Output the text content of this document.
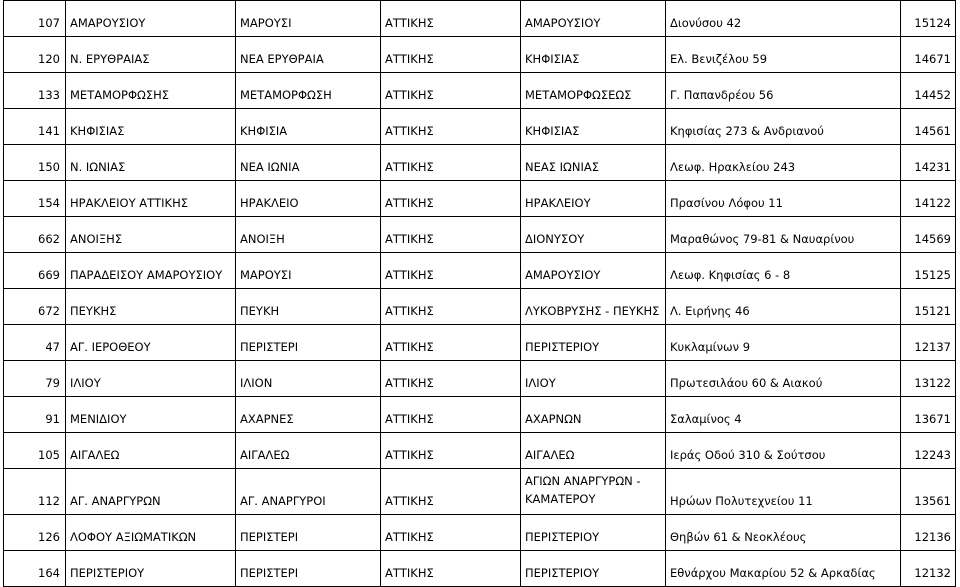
107	ΑΜΑΡΟΥΣΙΟΥ	ΜΑΡΟΥΣΙ	ΑΤΤΙΚΗΣ	ΑΜΑΡΟΥΣΙΟΥ	Διονύσου 42	15124
120	Ν. ΕΡΥΘΡΑΙΑΣ	ΝΕΑ ΕΡΥΘΡΑΙΑ	ΑΤΤΙΚΗΣ	ΚΗΦΙΣΙΑΣ	Ελ. Βενιζέλου 59	14671
133	ΜΕΤΑΜΟΡΦΩΣΗΣ	ΜΕΤΑΜΟΡΦΩΣΗ	ΑΤΤΙΚΗΣ	ΜΕΤΑΜΟΡΦΩΣΕΩΣ	Γ. Παπανδρέου 56	14452
141	ΚΗΦΙΣΙΑΣ	ΚΗΦΙΣΙΑ	ΑΤΤΙΚΗΣ	ΚΗΦΙΣΙΑΣ	Κηφισίας 273 & Ανδριανού	14561
150	Ν. ΙΩΝΙΑΣ	ΝΕΑ ΙΩΝΙΑ	ΑΤΤΙΚΗΣ	ΝΕΑΣ ΙΩΝΙΑΣ	Λεωφ. Ηρακλείου 243	14231
154	ΗΡΑΚΛΕΙΟΥ ΑΤΤΙΚΗΣ	ΗΡΑΚΛΕΙΟ	ΑΤΤΙΚΗΣ	ΗΡΑΚΛΕΙΟΥ	Πρασίνου Λόφου 11	14122
662	ΑΝΟΙΞΗΣ	ΑΝΟΙΞΗ	ΑΤΤΙΚΗΣ	ΔΙΟΝΥΣΟΥ	Μαραθώνος 79-81 & Ναυαρίνου	14569
669	ΠΑΡΑΔΕΙΣΟΥ ΑΜΑΡΟΥΣΙΟΥ	ΜΑΡΟΥΣΙ	ΑΤΤΙΚΗΣ	ΑΜΑΡΟΥΣΙΟΥ	Λεωφ. Κηφισίας 6 - 8	15125
672	ΠΕΥΚΗΣ	ΠΕΥΚΗ	ΑΤΤΙΚΗΣ	ΛΥΚΟΒΡΥΣΗΣ - ΠΕΥΚΗΣ	Λ. Ειρήνης 46	15121
47	ΑΓ. ΙΕΡΟΘΕΟΥ	ΠΕΡΙΣΤΕΡΙ	ΑΤΤΙΚΗΣ	ΠΕΡΙΣΤΕΡΙΟΥ	Κυκλαμίνων 9	12137
79	ΙΛΙΟΥ	ΙΛΙΟΝ	ΑΤΤΙΚΗΣ	ΙΛΙΟΥ	Πρωτεσιλάου 60 & Αιακού	13122
91	ΜΕΝΙΔΙΟΥ	ΑΧΑΡΝΕΣ	ΑΤΤΙΚΗΣ	ΑΧΑΡΝΩΝ	Σαλαμίνος 4	13671
105	ΑΙΓΑΛΕΩ	ΑΙΓΑΛΕΩ	ΑΤΤΙΚΗΣ	ΑΙΓΑΛΕΩ	Ιεράς Οδού 310 & Σούτσου	12243
112	ΑΓ. ΑΝΑΡΓΥΡΩΝ	ΑΓ. ΑΝΑΡΓΥΡΟΙ	ΑΤΤΙΚΗΣ	ΑΓΙΩΝ ΑΝΑΡΓΥΡΩΝ - ΚΑΜΑΤΕΡΟΥ	Ηρώων Πολυτεχνείου 11	13561
126	ΛΟΦΟΥ ΑΞΙΩΜΑΤΙΚΩΝ	ΠΕΡΙΣΤΕΡΙ	ΑΤΤΙΚΗΣ	ΠΕΡΙΣΤΕΡΙΟΥ	Θηβών 61 & Νεοκλέους	12136
164	ΠΕΡΙΣΤΕΡΙΟΥ	ΠΕΡΙΣΤΕΡΙ	ΑΤΤΙΚΗΣ	ΠΕΡΙΣΤΕΡΙΟΥ	Εθνάρχου Μακαρίου 52 & Αρκαδίας	12132
